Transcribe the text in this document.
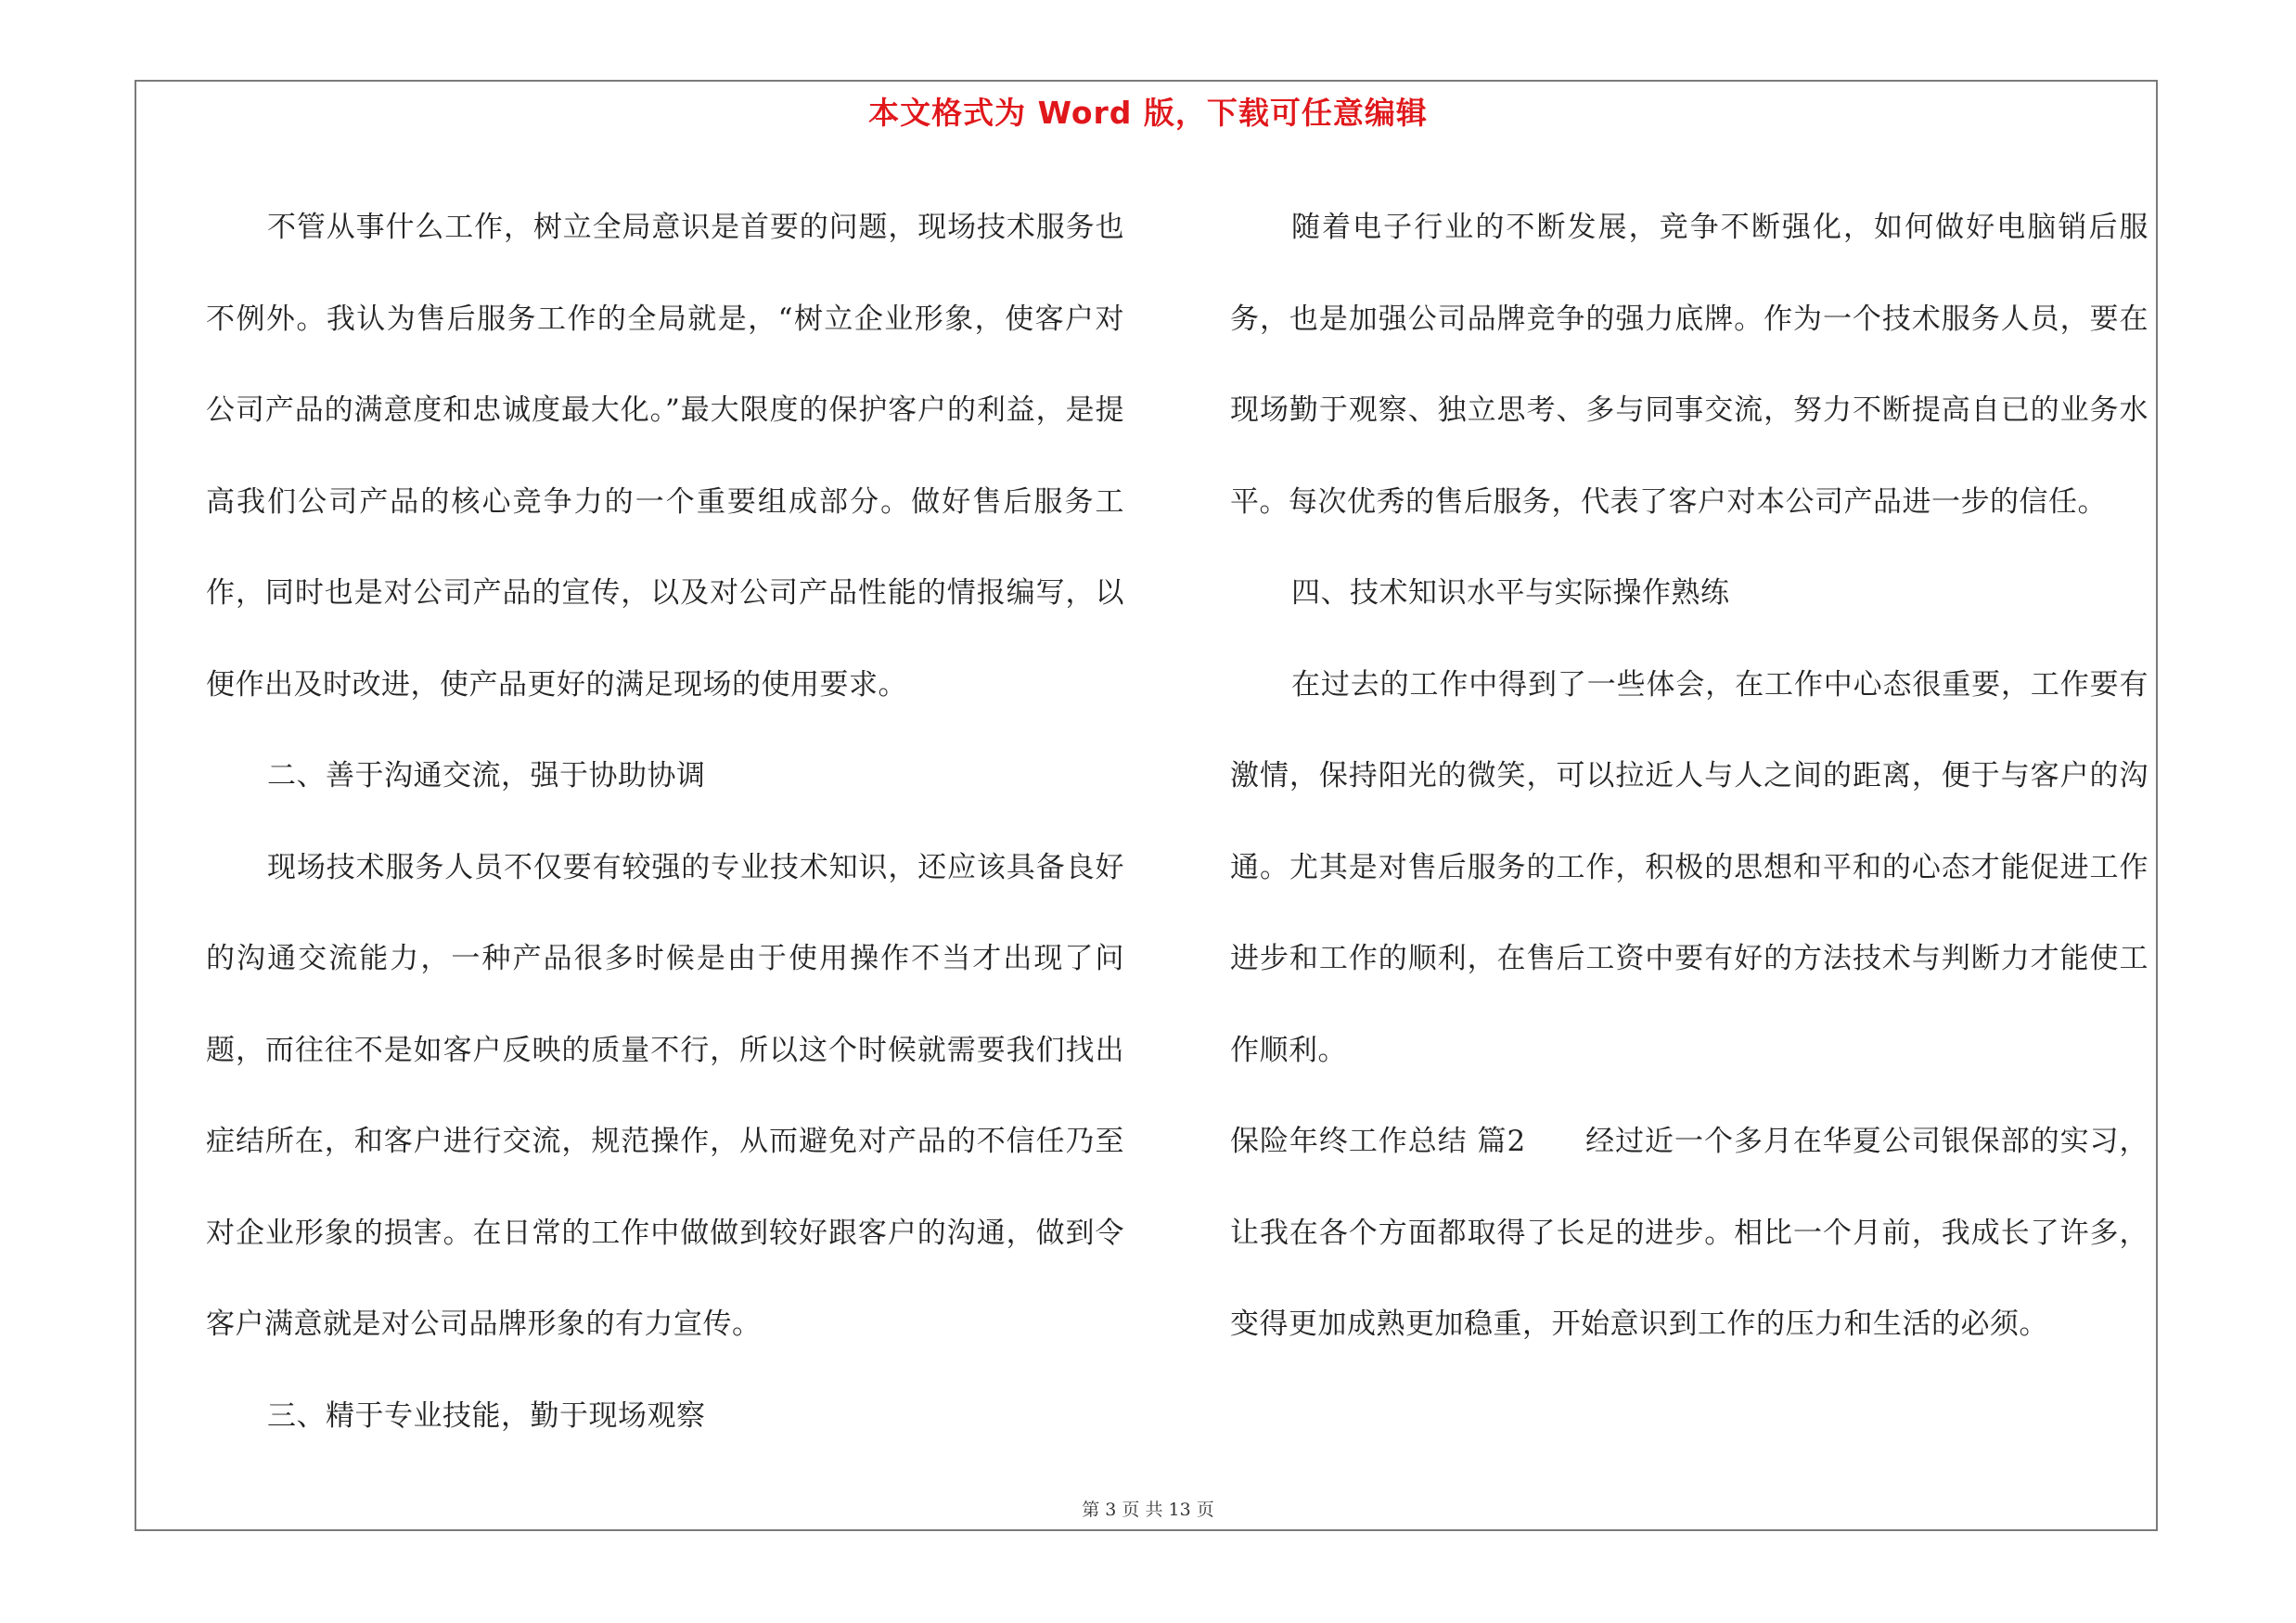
本文格式为 Word 版，下载可任意编辑

不管从事什么工作，树立全局意识是首要的问题，现场技术服务也不例外。我认为售后服务工作的全局就是，“树立企业形象，使客户对公司产品的满意度和忠诚度最大化。”最大限度的保护客户的利益，是提高我们公司产品的核心竞争力的一个重要组成部分。做好售后服务工作，同时也是对公司产品的宣传，以及对公司产品性能的情报编写，以便作出及时改进，使产品更好的满足现场的使用要求。

二、善于沟通交流，强于协助协调

现场技术服务人员不仅要有较强的专业技术知识，还应该具备良好的沟通交流能力，一种产品很多时候是由于使用操作不当才出现了问题，而往往不是如客户反映的质量不行，所以这个时候就需要我们找出症结所在，和客户进行交流，规范操作，从而避免对产品的不信任乃至对企业形象的损害。在日常的工作中做做到较好跟客户的沟通，做到令客户满意就是对公司品牌形象的有力宣传。

三、精于专业技能，勤于现场观察

随着电子行业的不断发展，竞争不断强化，如何做好电脑销后服务，也是加强公司品牌竞争的强力底牌。作为一个技术服务人员，要在现场勤于观察、独立思考、多与同事交流，努力不断提高自已的业务水平。每次优秀的售后服务，代表了客户对本公司产品进一步的信任。

四、技术知识水平与实际操作熟练

在过去的工作中得到了一些体会，在工作中心态很重要，工作要有激情，保持阳光的微笑，可以拉近人与人之间的距离，便于与客户的沟通。尤其是对售后服务的工作，积极的思想和平和的心态才能促进工作进步和工作的顺利，在售后工资中要有好的方法技术与判断力才能使工作顺利。

保险年终工作总结 篇2　　经过近一个多月在华夏公司银保部的实习，让我在各个方面都取得了长足的进步。相比一个月前，我成长了许多，变得更加成熟更加稳重，开始意识到工作的压力和生活的必须。

第 3 页 共 13 页
